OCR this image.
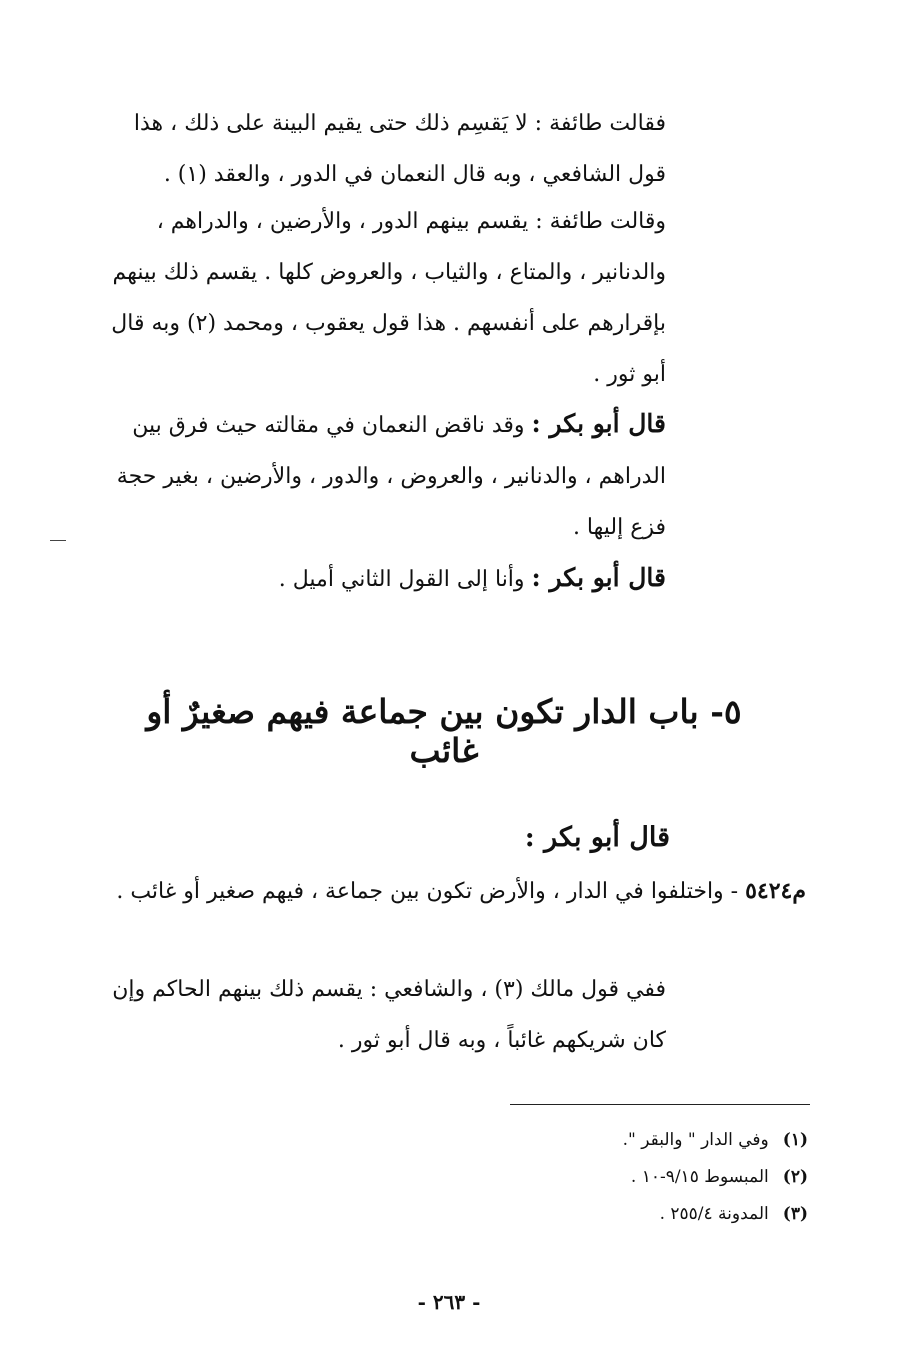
فقالت طائفة : لا يَقسِم ذلك حتى يقيم البينة على ذلك ، هذا قول الشافعي ، وبه قال النعمان في الدور ، والعقد (١) .

وقالت طائفة : يقسم بينهم الدور ، والأرضين ، والدراهم ، والدنانير ، والمتاع ، والثياب ، والعروض كلها . يقسم ذلك بينهم بإقرارهم على أنفسهم . هذا قول يعقوب ، ومحمد (٢) وبه قال أبو ثور .

قال أبو بكر : وقد ناقض النعمان في مقالته حيث فرق بين الدراهم ، والدنانير ، والعروض ، والدور ، والأرضين ، بغير حجة فزع إليها .

قال أبو بكر : وأنا إلى القول الثاني أميل .

٥- باب الدار تكون بين جماعة فيهم صغيرٌ أو غائب
قال أبو بكر :

م٥٤٢٤ - واختلفوا في الدار ، والأرض تكون بين جماعة ، فيهم صغير أو غائب .

ففي قول مالك (٣) ، والشافعي : يقسم ذلك بينهم الحاكم وإن كان شريكهم غائباً ، وبه قال أبو ثور .

(١)وفي الدار " والبقر ".
(٢)المبسوط ٩/١٥-١٠ .
(٣)المدونة ٢٥٥/٤ .
- ٢٦٣ -
